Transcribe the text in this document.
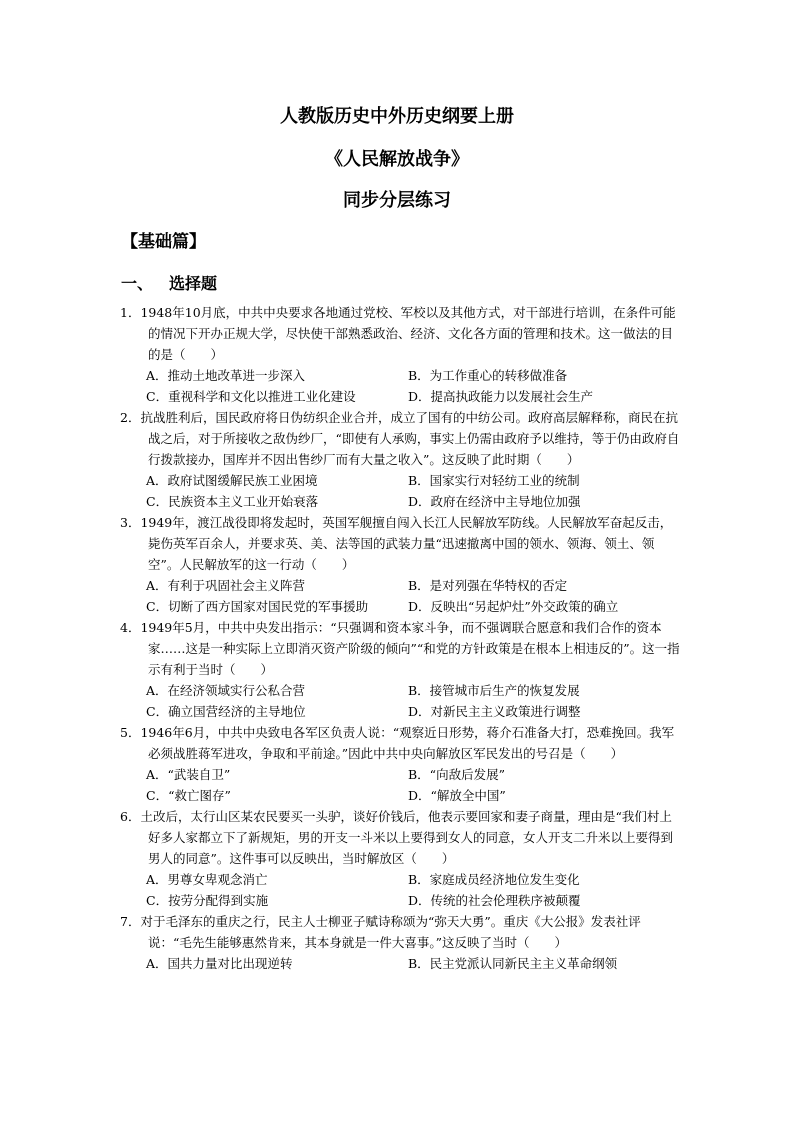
人教版历史中外历史纲要上册
《人民解放战争》
同步分层练习
【基础篇】
一、 选择题

1．1948年10月底，中共中央要求各地通过党校、军校以及其他方式，对干部进行培训，在条件可能的情况下开办正规大学，尽快使干部熟悉政治、经济、文化各方面的管理和技术。这一做法的目的是（　　）

A．推动土地改革进一步深入	B．为工作重心的转移做准备
C．重视科学和文化以推进工业化建设	D．提高执政能力以发展社会生产

2．抗战胜利后，国民政府将日伪纺织企业合并，成立了国有的中纺公司。政府高层解释称，商民在抗战之后，对于所接收之敌伪纱厂，“即使有人承购，事实上仍需由政府予以维持，等于仍由政府自行拨款接办，国库并不因出售纱厂而有大量之收入”。这反映了此时期（　　）

A．政府试图缓解民族工业困境	B．国家实行对轻纺工业的统制
C．民族资本主义工业开始衰落	D．政府在经济中主导地位加强

3．1949年，渡江战役即将发起时，英国军舰擅自闯入长江人民解放军防线。人民解放军奋起反击，毙伤英军百余人，并要求英、美、法等国的武装力量“迅速撤离中国的领水、领海、领土、领空”。人民解放军的这一行动（　　）

A．有利于巩固社会主义阵营	B．是对列强在华特权的否定
C．切断了西方国家对国民党的军事援助	D．反映出“另起炉灶”外交政策的确立

4．1949年5月，中共中央发出指示：“只强调和资本家斗争，而不强调联合愿意和我们合作的资本家……这是一种实际上立即消灭资产阶级的倾向”“和党的方针政策是在根本上相违反的”。这一指示有利于当时（　　）

A．在经济领域实行公私合营	B．接管城市后生产的恢复发展
C．确立国营经济的主导地位	D．对新民主主义政策进行调整

5．1946年6月，中共中央致电各军区负责人说：“观察近日形势，蒋介石准备大打，恐难挽回。我军必须战胜蒋军进攻，争取和平前途。”因此中共中央向解放区军民发出的号召是（　　）

A．“武装自卫”	B．“向敌后发展”
C．“救亡图存”	D．“解放全中国”

6．土改后，太行山区某农民要买一头驴，谈好价钱后，他表示要回家和妻子商量，理由是“我们村上好多人家都立下了新规矩，男的开支一斗米以上要得到女人的同意，女人开支二升米以上要得到男人的同意”。这件事可以反映出，当时解放区（　　）

A．男尊女卑观念消亡	B．家庭成员经济地位发生变化
C．按劳分配得到实施	D．传统的社会伦理秩序被颠覆

7．对于毛泽东的重庆之行，民主人士柳亚子赋诗称颂为“弥天大勇”。重庆《大公报》发表社评说：“毛先生能够惠然肯来，其本身就是一件大喜事。”这反映了当时（　　）

A．国共力量对比出现逆转	B．民主党派认同新民主主义革命纲领
